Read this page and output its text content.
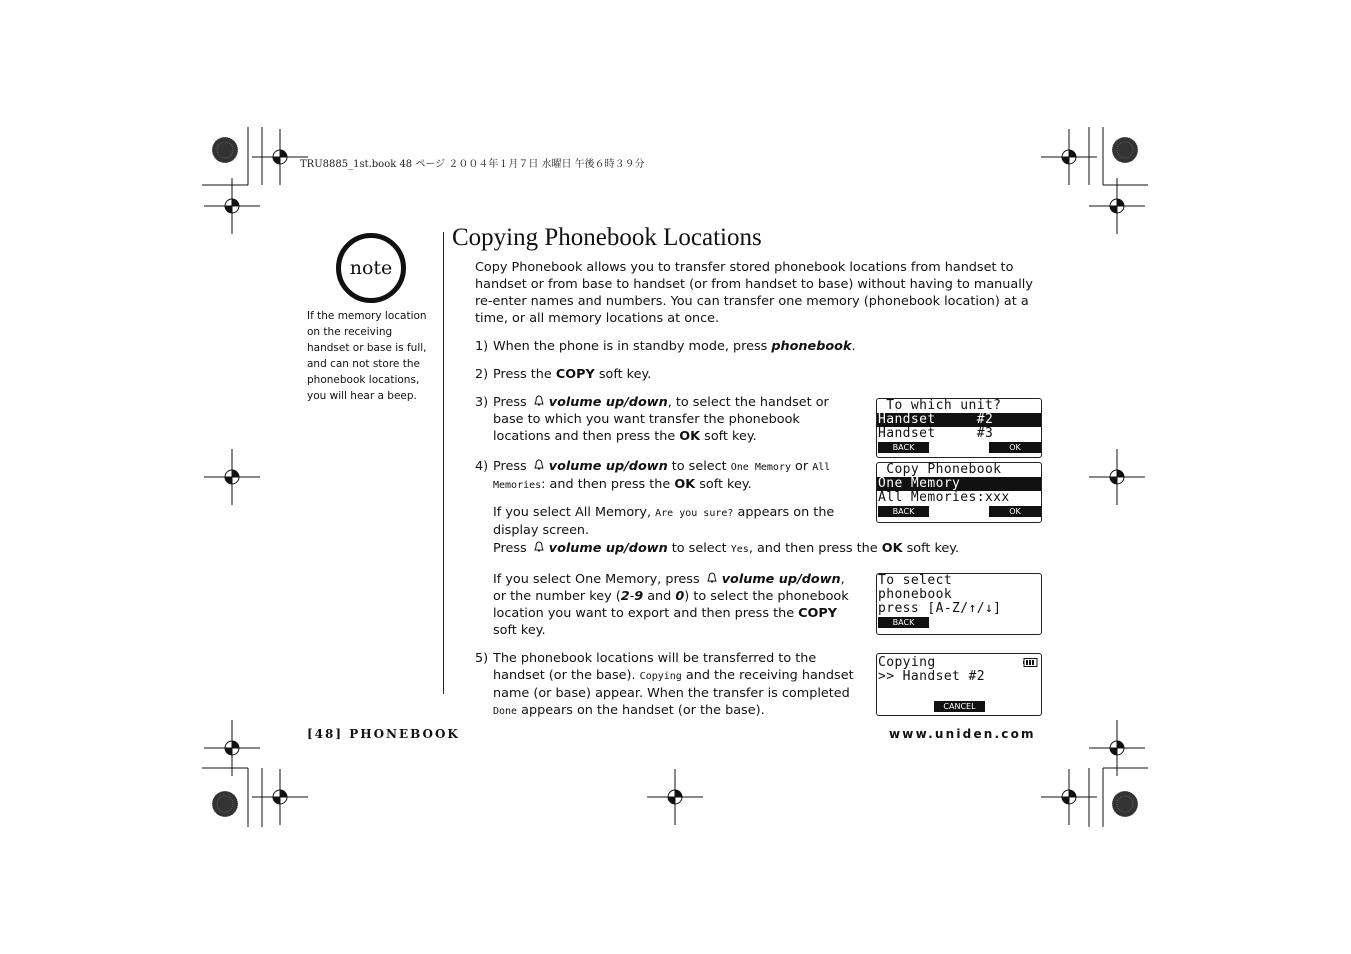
TRU8885_1st.book 48 ページ ２００４年１月７日 水曜日 午後６時３９分
note
If the memory location on the receiving handset or base is full, and can not store the phonebook locations, you will hear a beep.
Copying Phonebook Locations
Copy Phonebook allows you to transfer stored phonebook locations from handset to handset or from base to handset (or from handset to base) without having to manually re-enter names and numbers. You can transfer one memory (phonebook location) at a time, or all memory locations at once.
1) When the phone is in standby mode, press phonebook.
2) Press the COPY soft key.
3) Press volume up/down, to select the handset or base to which you want transfer the phonebook locations and then press the OK soft key.
4) Press volume up/down to select One Memory or All Memories: and then press the OK soft key.
If you select All Memory, Are you sure? appears on the display screen.
Press volume up/down to select Yes, and then press the OK soft key.
If you select One Memory, press volume up/down, or the number key (2-9 and 0) to select the phonebook location you want to export and then press the COPY soft key.
5) The phonebook locations will be transferred to the handset (or the base). Copying and the receiving handset name (or base) appear. When the transfer is completed Done appears on the handset (or the base).
To which unit?
Handset     #2
Handset     #3
BACK	OK
Copy Phonebook
One Memory
All Memories:xxx
BACK	OK
To select
phonebook
press [A-Z/↑/↓]
BACK
Copying
>> Handset #2
CANCEL
[48] PHONEBOOK	www.uniden.com
